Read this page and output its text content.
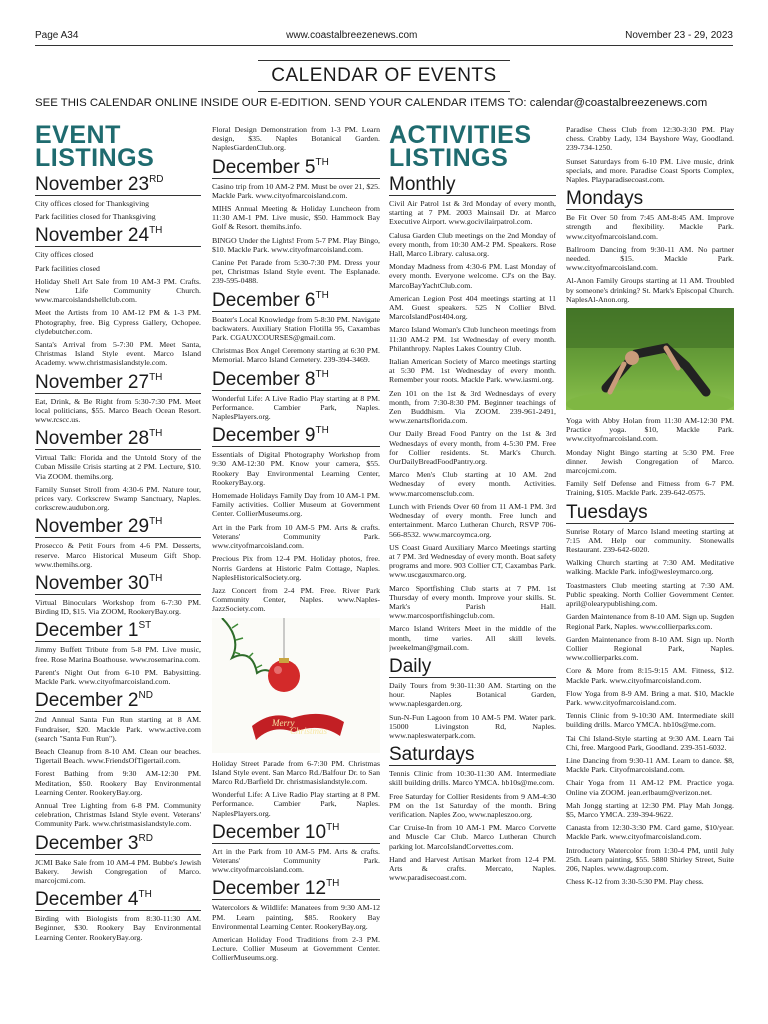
Page A34	www.coastalbreezenews.com	November 23 - 29, 2023
CALENDAR OF EVENTS
SEE THIS CALENDAR ONLINE INSIDE OUR E-EDITION. SEND YOUR CALENDAR ITEMS TO: calendar@coastalbreezenews.com
EVENT
LISTINGS
November 23RD
City offices closed for Thanksgiving
Park facilities closed for Thanksgiving
November 24TH
City offices closed
Park facilities closed
Holiday Shell Art Sale from 10 AM-3 PM. Crafts. New Life Community Church. www.marcoislandshellclub.com.
Meet the Artists from 10 AM-12 PM & 1-3 PM. Photography, free. Big Cypress Gallery, Ochopee. clydebutcher.com.
Santa's Arrival from 5-7:30 PM. Meet Santa, Christmas Island Style event. Marco Island Academy. www.christmasislandstyle.com.
November 27TH
Eat, Drink, & Be Right from 5:30-7:30 PM. Meet local politicians, $55. Marco Beach Ocean Resort. www.rcscc.us.
November 28TH
Virtual Talk: Florida and the Untold Story of the Cuban Missile Crisis starting at 2 PM. Lecture, $10. Via ZOOM. themihs.org.
Family Sunset Stroll from 4:30-6 PM. Nature tour, prices vary. Corkscrew Swamp Sanctuary, Naples. corkscrew.audubon.org.
November 29TH
Prosecco & Petit Fours from 4-6 PM. Desserts, reserve. Marco Historical Museum Gift Shop. www.themihs.org.
November 30TH
Virtual Binoculars Workshop from 6-7:30 PM. Birding ID, $15. Via ZOOM, RookeryBay.org.
December 1ST
Jimmy Buffett Tribute from 5-8 PM. Live music, free. Rose Marina Boathouse. www.rosemarina.com.
Parent's Night Out from 6-10 PM. Babysitting. Mackle Park. www.cityofmarcoisland.com.
December 2ND
2nd Annual Santa Fun Run starting at 8 AM. Fundraiser, $20. Mackle Park. www.active.com (search "Santa Fun Run").
Beach Cleanup from 8-10 AM. Clean our beaches. Tigertail Beach. www.FriendsOfTigertail.com.
Forest Bathing from 9:30 AM-12:30 PM. Meditation, $50. Rookery Bay Environmental Learning Center. RookeryBay.org.
Annual Tree Lighting from 6-8 PM. Community celebration, Christmas Island Style event. Veterans' Community Park. www.christmasislandstyle.com.
December 3RD
JCMI Bake Sale from 10 AM-4 PM. Bubbe's Jewish Bakery. Jewish Congregation of Marco. marcojcmi.com.
December 4TH
Birding with Biologists from 8:30-11:30 AM. Beginner, $30. Rookery Bay Environmental Learning Center. RookeryBay.org.
Floral Design Demonstration from 1-3 PM. Learn design, $35. Naples Botanical Garden. NaplesGardenClub.org.
December 5TH
Casino trip from 10 AM-2 PM. Must be over 21, $25. Mackle Park. www.cityofmarcoisland.com.
MIHS Annual Meeting & Holiday Luncheon from 11:30 AM-1 PM. Live music, $50. Hammock Bay Golf & Resort. themihs.info.
BINGO Under the Lights! From 5-7 PM. Play Bingo, $10. Mackle Park. www.cityofmarcoisland.com.
Canine Pet Parade from 5:30-7:30 PM. Dress your pet, Christmas Island Style event. The Esplanade. 239-595-0488.
December 6TH
Boater's Local Knowledge from 5-8:30 PM. Navigate backwaters. Auxiliary Station Flotilla 95, Caxambas Park. CGAUXCOURSES@gmail.com.
Christmas Box Angel Ceremony starting at 6:30 PM. Memorial. Marco Island Cemetery. 239-394-3469.
December 8TH
Wonderful Life: A Live Radio Play starting at 8 PM. Performance. Cambier Park, Naples. NaplesPlayers.org.
December 9TH
Essentials of Digital Photography Workshop from 9:30 AM-12:30 PM. Know your camera, $55. Rookery Bay Environmental Learning Center, RookeryBay.org.
Homemade Holidays Family Day from 10 AM-1 PM. Family activities. Collier Museum at Government Center. CollierMuseums.org.
Art in the Park from 10 AM-5 PM. Arts & crafts. Veterans' Community Park. www.cityofmarcoisland.com.
Precious Pix from 12-4 PM. Holiday photos, free. Norris Gardens at Historic Palm Cottage, Naples. NaplesHistoricalSociety.org.
Jazz Concert from 2-4 PM. Free. River Park Community Center, Naples. www.Naples-JazzSociety.com.
Merry
Christmas
Holiday Street Parade from 6-7:30 PM. Christmas Island Style event. San Marco Rd./Balfour Dr. to San Marco Rd./Barfield Dr. christmasislandstyle.com.
Wonderful Life: A Live Radio Play starting at 8 PM. Performance. Cambier Park, Naples. NaplesPlayers.org.
December 10TH
Art in the Park from 10 AM-5 PM. Arts & crafts. Veterans' Community Park. www.cityofmarcoisland.com.
December 12TH
Watercolors & Wildlife: Manatees from 9:30 AM-12 PM. Learn painting, $85. Rookery Bay Environmental Learning Center. RookeryBay.org.
American Holiday Food Traditions from 2-3 PM. Lecture. Collier Museum at Government Center. CollierMuseums.org.
ACTIVITIES
LISTINGS
Monthly
Civil Air Patrol 1st & 3rd Monday of every month, starting at 7 PM. 2003 Mainsail Dr. at Marco Executive Airport. www.gocivilairpatrol.com.
Calusa Garden Club meetings on the 2nd Monday of every month, from 10:30 AM-2 PM. Speakers. Rose Hall, Marco Library. calusa.org.
Monday Madness from 4:30-6 PM. Last Monday of every month. Everyone welcome. CJ's on the Bay. MarcoBayYachtClub.com.
American Legion Post 404 meetings starting at 11 AM. Guest speakers. 525 N Collier Blvd. MarcoIslandPost404.org.
Marco Island Woman's Club luncheon meetings from 11:30 AM-2 PM. 1st Wednesday of every month. Philanthropy. Naples Lakes Country Club.
Italian American Society of Marco meetings starting at 5:30 PM. 1st Wednesday of every month. Remember your roots. Mackle Park. www.iasmi.org.
Zen 101 on the 1st & 3rd Wednesdays of every month, from 7:30-8:30 PM. Beginner teachings of Zen Buddhism. Via ZOOM. 239-961-2491, www.zenartsflorida.com.
Our Daily Bread Food Pantry on the 1st & 3rd Wednesdays of every month, from 4-5:30 PM. Free for Collier residents. St. Mark's Church. OurDailyBreadFoodPantry.org.
Marco Men's Club starting at 10 AM. 2nd Wednesday of every month. Activities. www.marcomensclub.com.
Lunch with Friends Over 60 from 11 AM-1 PM. 3rd Wednesday of every month. Free lunch and entertainment. Marco Lutheran Church, RSVP 706-566-8532. www.marcoymca.org.
US Coast Guard Auxiliary Marco Meetings starting at 7 PM. 3rd Wednesday of every month. Boat safety programs and more. 903 Collier CT, Caxambas Park. www.uscgauxmarco.org.
Marco Sportfishing Club starts at 7 PM. 1st Thursday of every month. Improve your skills. St. Mark's Parish Hall. www.marcosportfishingclub.com.
Marco Island Writers Meet in the middle of the month, time varies. All skill levels. jweekelman@gmail.com.
Daily
Daily Tours from 9:30-11:30 AM. Starting on the hour. Naples Botanical Garden, www.naplesgarden.org.
Sun-N-Fun Lagoon from 10 AM-5 PM. Water park. 15000 Livingston Rd, Naples. www.napleswaterpark.com.
Saturdays
Tennis Clinic from 10:30-11:30 AM. Intermediate skill building drills. Marco YMCA. hb10s@me.com.
Free Saturday for Collier Residents from 9 AM-4:30 PM on the 1st Saturday of the month. Bring verification. Naples Zoo, www.napleszoo.org.
Car Cruise-In from 10 AM-1 PM. Marco Corvette and Muscle Car Club. Marco Lutheran Church parking lot. MarcoIslandCorvettes.com.
Hand and Harvest Artisan Market from 12-4 PM. Arts & crafts. Mercato, Naples. www.paradisecoast.com.
Paradise Chess Club from 12:30-3:30 PM. Play chess. Crabby Lady, 134 Bayshore Way, Goodland. 239-734-1250.
Sunset Saturdays from 6-10 PM. Live music, drink specials, and more. Paradise Coast Sports Complex, Naples. Playparadisecoast.com.
Mondays
Be Fit Over 50 from 7:45 AM-8:45 AM. Improve strength and flexibility. Mackle Park. www.cityofmarcoisland.com.
Ballroom Dancing from 9:30-11 AM. No partner needed. $15. Mackle Park. www.cityofmarcoisland.com.
Al-Anon Family Groups starting at 11 AM. Troubled by someone's drinking? St. Mark's Episcopal Church. NaplesAl-Anon.org.
Yoga with Abby Holan from 11:30 AM-12:30 PM. Practice yoga. $10, Mackle Park. www.cityofmarcoisland.com.
Monday Night Bingo starting at 5:30 PM. Free dinner. Jewish Congregation of Marco. marcojcmi.com.
Family Self Defense and Fitness from 6-7 PM. Training, $105. Mackle Park. 239-642-0575.
Tuesdays
Sunrise Rotary of Marco Island meeting starting at 7:15 AM. Help our community. Stonewalls Restaurant. 239-642-6020.
Walking Church starting at 7:30 AM. Meditative walking. Mackle Park. info@wesleymarco.org.
Toastmasters Club meeting starting at 7:30 AM. Public speaking. North Collier Government Center. april@olearypublishing.com.
Garden Maintenance from 8-10 AM. Sign up. Sugden Regional Park, Naples. www.collierparks.com.
Garden Maintenance from 8-10 AM. Sign up. North Collier Regional Park, Naples. www.collierparks.com.
Core & More from 8:15-9:15 AM. Fitness, $12. Mackle Park. www.cityofmarcoisland.com.
Flow Yoga from 8-9 AM. Bring a mat. $10, Mackle Park. www.cityofmarcoisland.com.
Tennis Clinic from 9-10:30 AM. Intermediate skill building drills. Marco YMCA. hb10s@me.com.
Tai Chi Island-Style starting at 9:30 AM. Learn Tai Chi, free. Margood Park, Goodland. 239-351-6032.
Line Dancing from 9:30-11 AM. Learn to dance. $8, Mackle Park. Cityofmarcoisland.com.
Chair Yoga from 11 AM-12 PM. Practice yoga. Online via ZOOM. jean.erlbaum@verizon.net.
Mah Jongg starting at 12:30 PM. Play Mah Jongg. $5, Marco YMCA. 239-394-9622.
Canasta from 12:30-3:30 PM. Card game, $10/year. Mackle Park. www.cityofmarcoisland.com.
Introductory Watercolor from 1:30-4 PM, until July 25th. Learn painting, $55. 5880 Shirley Street, Suite 206, Naples. www.dagroup.com.
Chess K-12 from 3:30-5:30 PM. Play chess.
